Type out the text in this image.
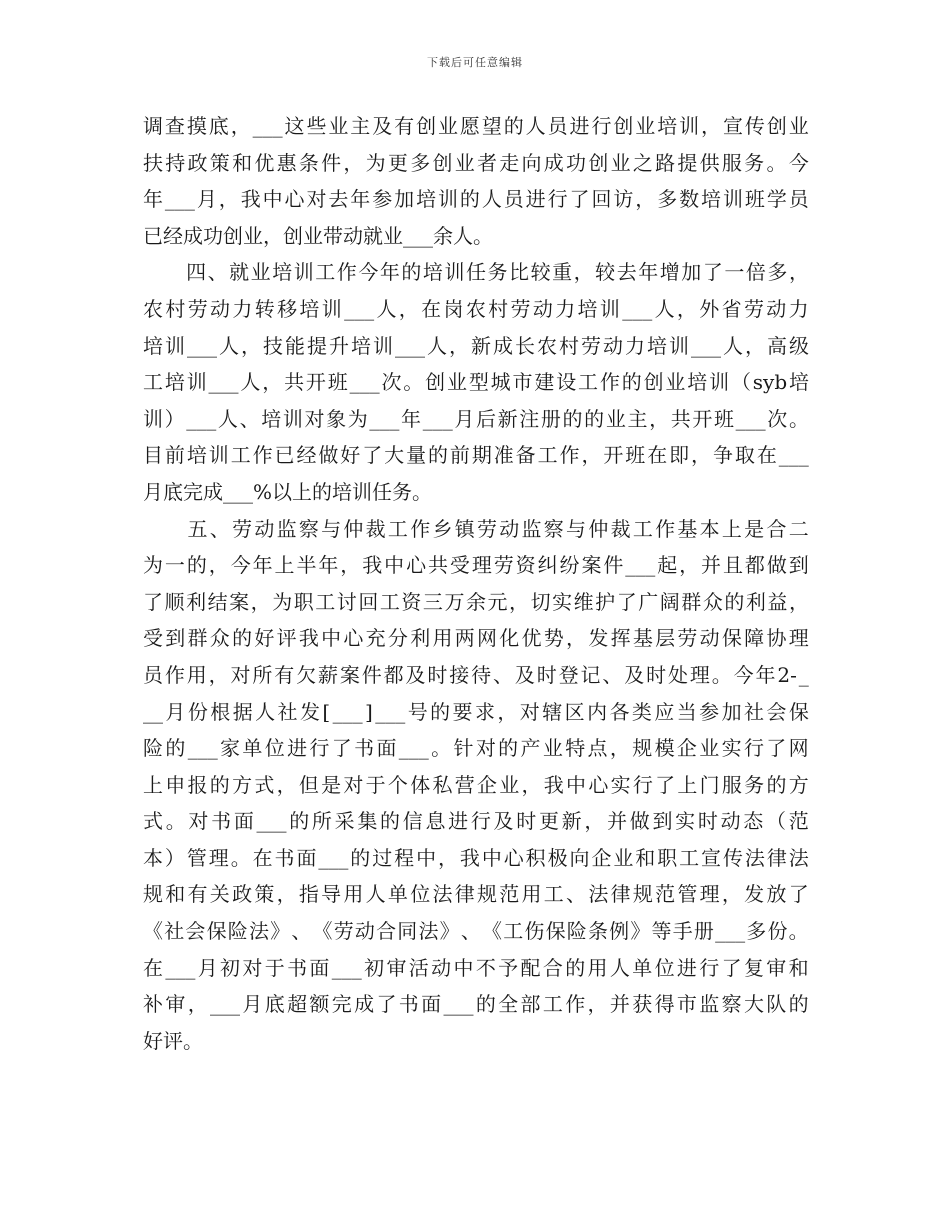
下载后可任意编辑
调 查 摸 底 ， ___ 这 些 业 主 及 有 创 业 愿 望 的 人 员 进 行 创 业 培 训 ， 宣 传 创 业
扶 持 政 策 和 优 惠 条 件 ， 为 更 多 创 业 者 走 向 成 功 创 业 之 路 提 供 服 务 。 今
年 ___ 月 ， 我 中 心 对 去 年 参 加 培 训 的 人 员 进 行 了 回 访 ， 多 数 培 训 班 学 员
已 经 成 功 创 业 ， 创 业 带 动 就 业 ___ 余 人 。

四 、 就 业 培 训 工 作 今 年 的 培 训 任 务 比 较 重 ， 较 去 年 增 加 了 一 倍 多 ，
农 村 劳 动 力 转 移 培 训 ___ 人 ， 在 岗 农 村 劳 动 力 培 训 ___ 人 ， 外 省 劳 动 力
培 训 ___ 人 ， 技 能 提 升 培 训 ___ 人 ， 新 成 长 农 村 劳 动 力 培 训 ___ 人 ， 高 级
工 培 训 ___ 人 ， 共 开 班 ___ 次 。 创 业 型 城 市 建 设 工 作 的 创 业 培 训 （ syb 培
训 ） ___ 人 、 培 训 对 象 为 ___ 年 ___ 月 后 新 注 册 的 的 业 主 ， 共 开 班 ___ 次 。
目 前 培 训 工 作 已 经 做 好 了 大 量 的 前 期 准 备 工 作 ， 开 班 在 即 ， 争 取 在 ___
月 底 完 成 ___ % 以 上 的 培 训 任 务 。

五 、 劳 动 监 察 与 仲 裁 工 作 乡 镇 劳 动 监 察 与 仲 裁 工 作 基 本 上 是 合 二
为 一 的 ， 今 年 上 半 年 ， 我 中 心 共 受 理 劳 资 纠 纷 案 件 ___ 起 ， 并 且 都 做 到
了 顺 利 结 案 ， 为 职 工 讨 回 工 资 三 万 余 元 ， 切 实 维 护 了 广 阔 群 众 的 利 益 ，
受 到 群 众 的 好 评 我 中 心 充 分 利 用 两 网 化 优 势 ， 发 挥 基 层 劳 动 保 障 协 理
员 作 用 ， 对 所 有 欠 薪 案 件 都 及 时 接 待 、 及 时 登 记 、 及 时 处 理 。 今 年 2- _
__ 月 份 根 据 人 社 发 [ ___ ] ___ 号 的 要 求 ， 对 辖 区 内 各 类 应 当 参 加 社 会 保
险 的 ___ 家 单 位 进 行 了 书 面 ___ 。 针 对 的 产 业 特 点 ， 规 模 企 业 实 行 了 网
上 申 报 的 方 式 ， 但 是 对 于 个 体 私 营 企 业 ， 我 中 心 实 行 了 上 门 服 务 的 方
式 。 对 书 面 ___ 的 所 采 集 的 信 息 进 行 及 时 更 新 ， 并 做 到 实 时 动 态 （ 范
本 ） 管 理 。 在 书 面 ___ 的 过 程 中 ， 我 中 心 积 极 向 企 业 和 职 工 宣 传 法 律 法
规 和 有 关 政 策 ， 指 导 用 人 单 位 法 律 规 范 用 工 、 法 律 规 范 管 理 ， 发 放 了
《 社 会 保 险 法 》 、 《 劳 动 合 同 法 》 、 《 工 伤 保 险 条 例 》 等 手 册 ___ 多 份 。
在 ___ 月 初 对 于 书 面 ___ 初 审 活 动 中 不 予 配 合 的 用 人 单 位 进 行 了 复 审 和
补 审 ， ___ 月 底 超 额 完 成 了 书 面 ___ 的 全 部 工 作 ， 并 获 得 市 监 察 大 队 的
好 评 。
